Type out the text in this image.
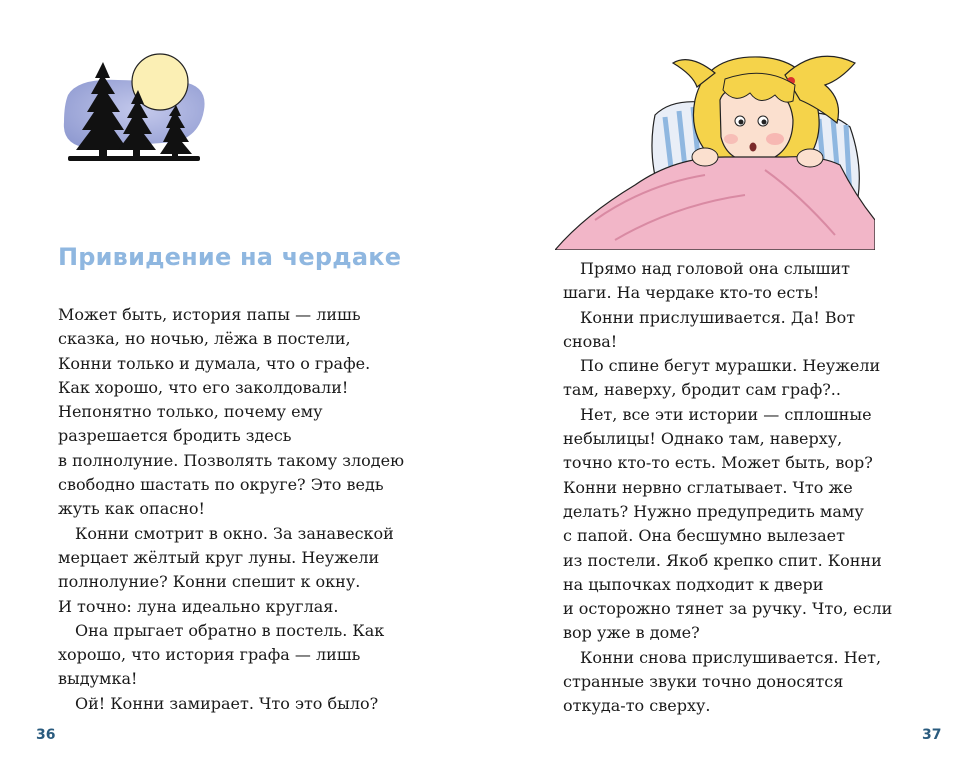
Привидение на чердаке
Может быть, история папы — лишь
сказка, но ночью, лёжа в постели,
Конни только и думала, что о графе.
Как хорошо, что его заколдовали!
Непонятно только, почему ему
разрешается бродить здесь
в полнолуние. Позволять такому злодею
свободно шастать по округе? Это ведь
жуть как опасно!
Конни смотрит в окно. За занавеской
мерцает жёлтый круг луны. Неужели
полнолуние? Конни спешит к окну.
И точно: луна идеально круглая.
Она прыгает обратно в постель. Как
хорошо, что история графа — лишь
выдумка!
Ой! Конни замирает. Что это было?

36

Прямо над головой она слышит
шаги. На чердаке кто-то есть!
Конни прислушивается. Да! Вот
снова!
По спине бегут мурашки. Неужели
там, наверху, бродит сам граф?..
Нет, все эти истории — сплошные
небылицы! Однако там, наверху,
точно кто-то есть. Может быть, вор?
Конни нервно сглатывает. Что же
делать? Нужно предупредить маму
с папой. Она бесшумно вылезает
из постели. Якоб крепко спит. Конни
на цыпочках подходит к двери
и осторожно тянет за ручку. Что, если
вор уже в доме?
Конни снова прислушивается. Нет,
странные звуки точно доносятся
откуда-то сверху.

37
